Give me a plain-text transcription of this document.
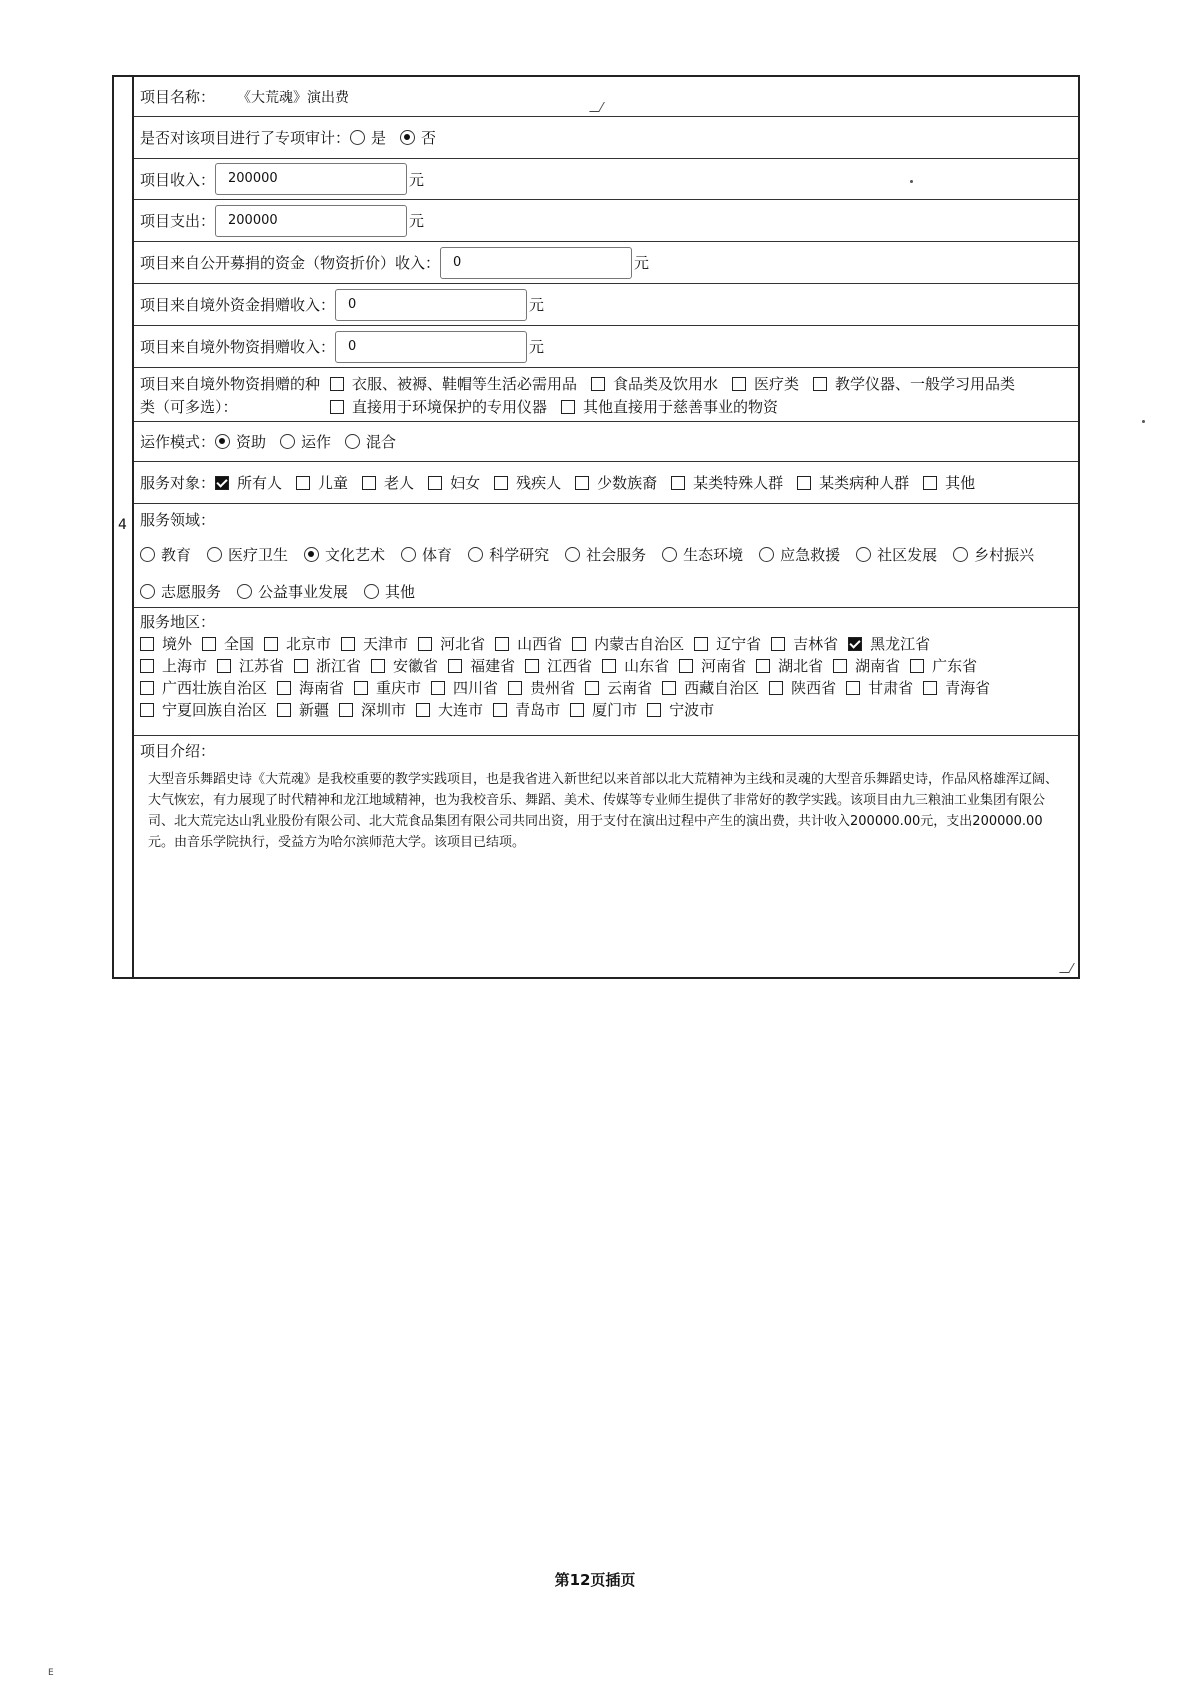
4
项目名称： 《大荒魂》演出费
是否对该项目进行了专项审计：	是	否
项目收入：	200000	元
项目支出：	200000	元
项目来自公开募捐的资金（物资折价）收入：	0	元
项目来自境外资金捐赠收入：	0	元
项目来自境外物资捐赠收入：	0	元
项目来自境外物资捐赠的种类（可多选）：
衣服、被褥、鞋帽等生活必需用品 食品类及饮用水 医疗类 教学仪器、一般学习用品类
直接用于环境保护的专用仪器 其他直接用于慈善事业的物资
运作模式：	资助	运作	混合
服务对象：	所有人	儿童	老人	妇女	残疾人	少数族裔	某类特殊人群	某类病种人群	其他
服务领域：
教育 医疗卫生 文化艺术 体育 科学研究 社会服务 生态环境 应急救援 社区发展 乡村振兴
志愿服务 公益事业发展 其他
服务地区：
境外 全国 北京市 天津市 河北省 山西省 内蒙古自治区 辽宁省 吉林省 黑龙江省
上海市 江苏省 浙江省 安徽省 福建省 江西省 山东省 河南省 湖北省 湖南省 广东省
广西壮族自治区 海南省 重庆市 四川省 贵州省 云南省 西藏自治区 陕西省 甘肃省 青海省
宁夏回族自治区 新疆 深圳市 大连市 青岛市 厦门市 宁波市
项目介绍：
大型音乐舞蹈史诗《大荒魂》是我校重要的教学实践项目，也是我省进入新世纪以来首部以北大荒精神为主线和灵魂的大型音乐舞蹈史诗，作品风格雄浑辽阔、大气恢宏，有力展现了时代精神和龙江地域精神，也为我校音乐、舞蹈、美术、传媒等专业师生提供了非常好的教学实践。该项目由九三粮油工业集团有限公司、北大荒完达山乳业股份有限公司、北大荒食品集团有限公司共同出资，用于支付在演出过程中产生的演出费，共计收入200000.00元，支出200000.00元。由音乐学院执行，受益方为哈尔滨师范大学。该项目已结项。
第12页插页
E
